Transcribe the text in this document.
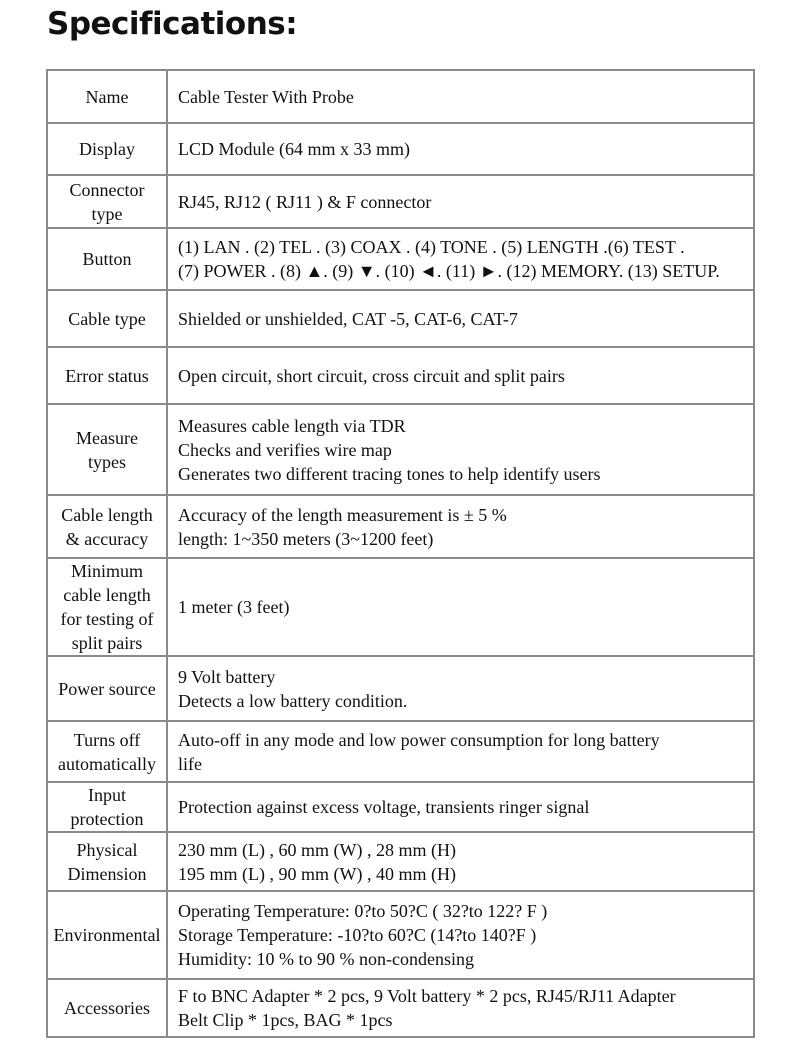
Specifications:
Name	Cable Tester With Probe

Display	LCD Module (64 mm x 33 mm)

Connector
type	RJ45, RJ12 ( RJ11 ) & F connector

Button	(1) LAN . (2) TEL . (3) COAX . (4) TONE . (5) LENGTH .(6) TEST .
(7) POWER . (8) ▲. (9) ▼. (10) ◄. (11) ►. (12) MEMORY. (13) SETUP.

Cable type	Shielded or unshielded, CAT -5, CAT-6, CAT-7

Error status	Open circuit, short circuit, cross circuit and split pairs

Measure
types	Measures cable length via TDR
Checks and verifies wire map
Generates two different tracing tones to help identify users

Cable length
& accuracy	Accuracy of the length measurement is ± 5 %
length: 1~350 meters (3~1200 feet)

Minimum
cable length
for testing of
split pairs	1 meter (3 feet)

Power source	9 Volt battery
Detects a low battery condition.

Turns off
automatically	Auto-off in any mode and low power consumption for long battery
life

Input
protection	Protection against excess voltage, transients ringer signal

Physical
Dimension	230 mm (L) , 60 mm (W) , 28 mm (H)
195 mm (L) , 90 mm (W) , 40 mm (H)

Environmental	Operating Temperature: 0?to 50?C ( 32?to 122? F )
Storage Temperature: -10?to 60?C (14?to 140?F )
Humidity: 10 % to 90 % non-condensing

Accessories	F to BNC Adapter * 2 pcs, 9 Volt battery * 2 pcs, RJ45/RJ11 Adapter
Belt Clip * 1pcs, BAG * 1pcs
